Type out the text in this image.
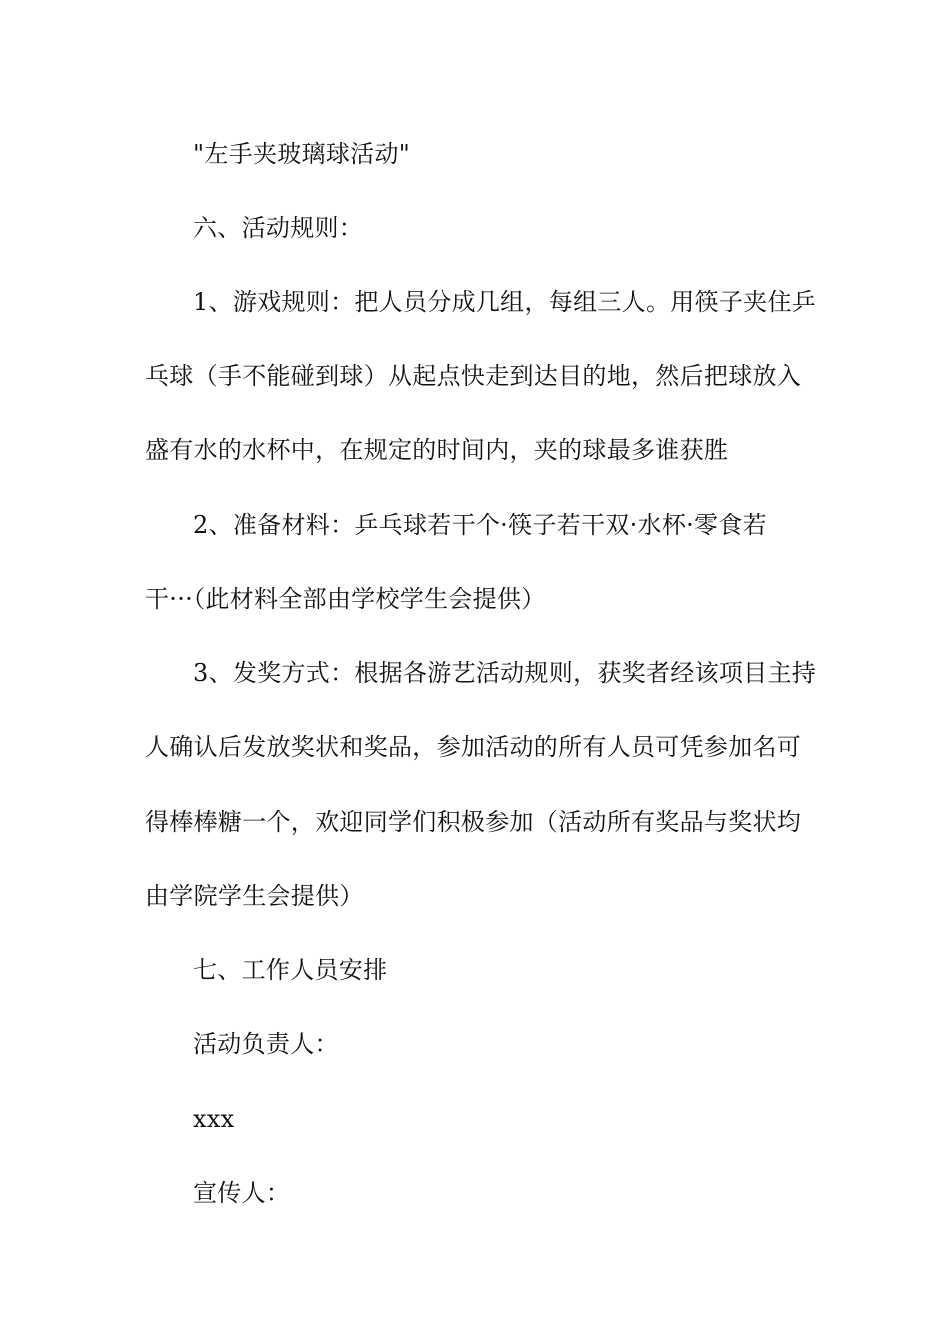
"左手夹玻璃球活动"
六、活动规则：
1、游戏规则：把人员分成几组，每组三人。用筷子夹住乒
乓球（手不能碰到球）从起点快走到达目的地，然后把球放入
盛有水的水杯中，在规定的时间内，夹的球最多谁获胜
2、准备材料：乒乓球若干个·筷子若干双·水杯·零食若
干···（此材料全部由学校学生会提供）
3、发奖方式：根据各游艺活动规则，获奖者经该项目主持
人确认后发放奖状和奖品，参加活动的所有人员可凭参加名可
得棒棒糖一个，欢迎同学们积极参加（活动所有奖品与奖状均
由学院学生会提供）
七、工作人员安排
活动负责人：
xxx
宣传人：
